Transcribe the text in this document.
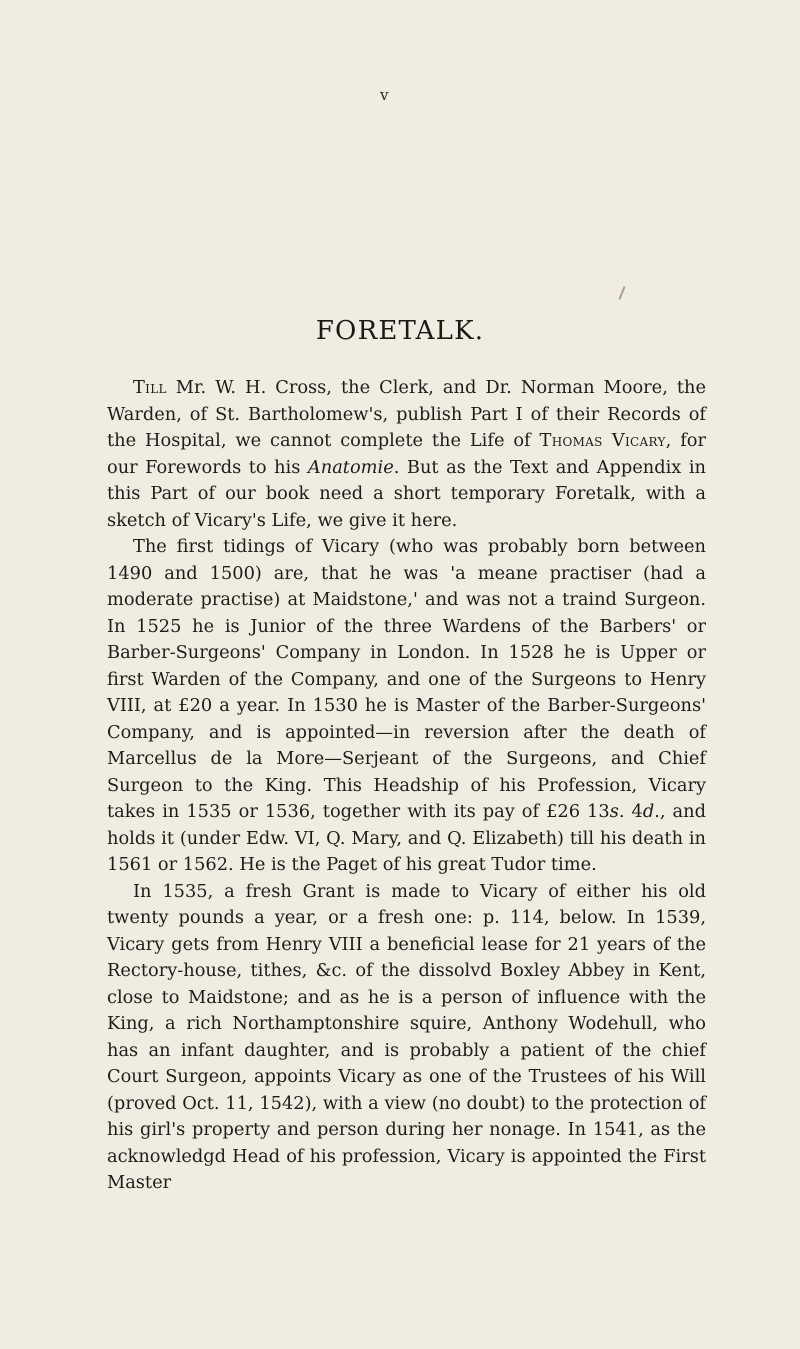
v
FORETALK.

Till Mr. W. H. Cross, the Clerk, and Dr. Norman Moore, the Warden, of St. Bartholomew's, publish Part I of their Records of the Hospital, we cannot complete the Life of Thomas Vicary, for our Forewords to his Anatomie. But as the Text and Appendix in this Part of our book need a short temporary Foretalk, with a sketch of Vicary's Life, we give it here.

The first tidings of Vicary (who was probably born between 1490 and 1500) are, that he was 'a meane practiser (had a moderate practise) at Maidstone,' and was not a traind Surgeon. In 1525 he is Junior of the three Wardens of the Barbers' or Barber-Surgeons' Company in London. In 1528 he is Upper or first Warden of the Company, and one of the Surgeons to Henry VIII, at £20 a year. In 1530 he is Master of the Barber-Surgeons' Company, and is appointed—in reversion after the death of Marcellus de la More—Serjeant of the Surgeons, and Chief Surgeon to the King. This Headship of his Profession, Vicary takes in 1535 or 1536, together with its pay of £26 13s. 4d., and holds it (under Edw. VI, Q. Mary, and Q. Elizabeth) till his death in 1561 or 1562. He is the Paget of his great Tudor time.

In 1535, a fresh Grant is made to Vicary of either his old twenty pounds a year, or a fresh one: p. 114, below. In 1539, Vicary gets from Henry VIII a beneficial lease for 21 years of the Rectory-house, tithes, &c. of the dissolvd Boxley Abbey in Kent, close to Maidstone; and as he is a person of influence with the King, a rich Northamptonshire squire, Anthony Wodehull, who has an infant daughter, and is probably a patient of the chief Court Surgeon, appoints Vicary as one of the Trustees of his Will (proved Oct. 11, 1542), with a view (no doubt) to the protection of his girl's property and person during her nonage. In 1541, as the acknowledgd Head of his profession, Vicary is appointed the First Master
